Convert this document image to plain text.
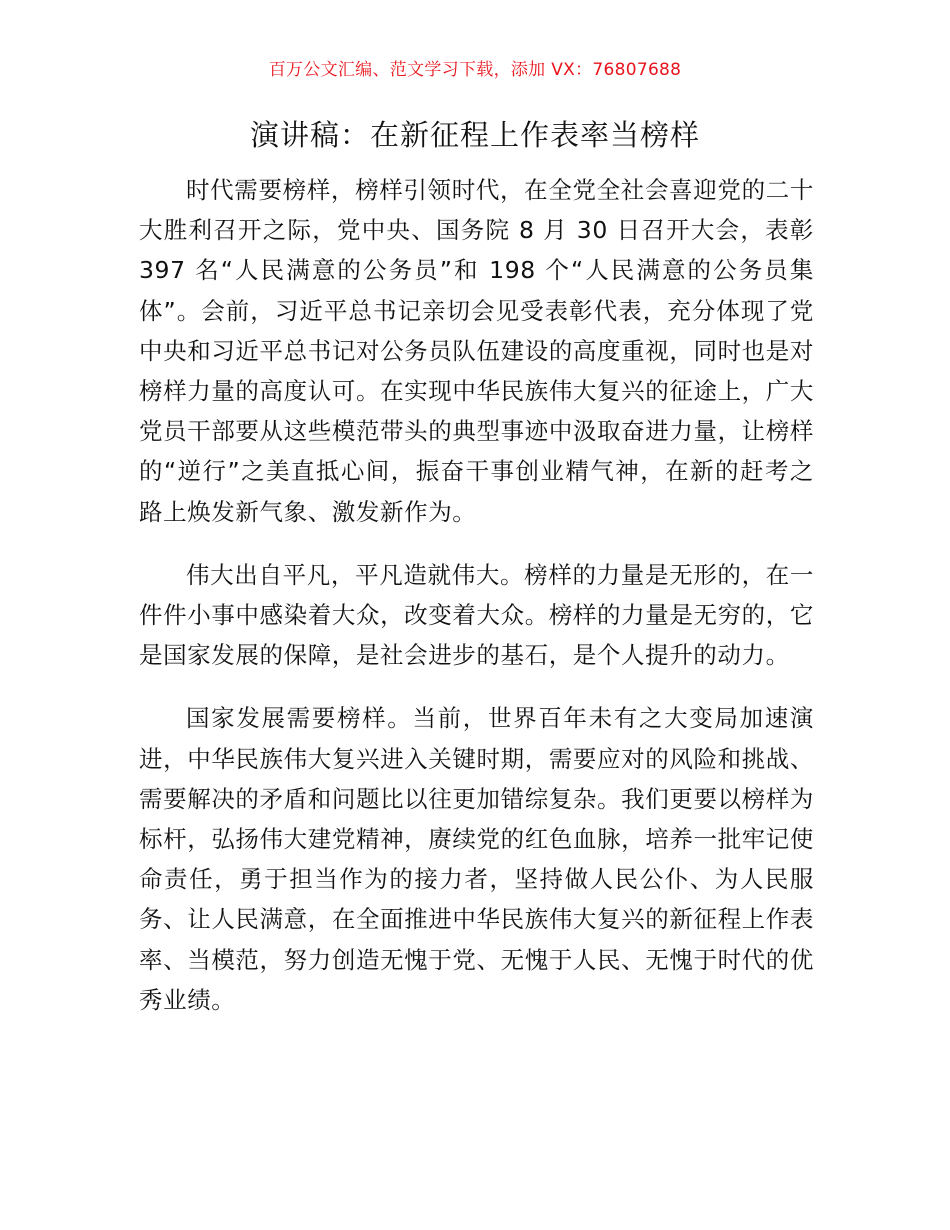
百万公文汇编、范文学习下载，添加 VX：76807688
演讲稿：在新征程上作表率当榜样

时代需要榜样，榜样引领时代，在全党全社会喜迎党的二十大胜利召开之际，党中央、国务院 8 月 30 日召开大会，表彰 397 名“人民满意的公务员”和 198 个“人民满意的公务员集体”。会前，习近平总书记亲切会见受表彰代表，充分体现了党中央和习近平总书记对公务员队伍建设的高度重视，同时也是对榜样力量的高度认可。在实现中华民族伟大复兴的征途上，广大党员干部要从这些模范带头的典型事迹中汲取奋进力量，让榜样的“逆行”之美直抵心间，振奋干事创业精气神，在新的赶考之路上焕发新气象、激发新作为。

伟大出自平凡，平凡造就伟大。榜样的力量是无形的，在一件件小事中感染着大众，改变着大众。榜样的力量是无穷的，它是国家发展的保障，是社会进步的基石，是个人提升的动力。

国家发展需要榜样。当前，世界百年未有之大变局加速演进，中华民族伟大复兴进入关键时期，需要应对的风险和挑战、需要解决的矛盾和问题比以往更加错综复杂。我们更要以榜样为标杆，弘扬伟大建党精神，赓续党的红色血脉，培养一批牢记使命责任，勇于担当作为的接力者，坚持做人民公仆、为人民服务、让人民满意，在全面推进中华民族伟大复兴的新征程上作表率、当模范，努力创造无愧于党、无愧于人民、无愧于时代的优秀业绩。
